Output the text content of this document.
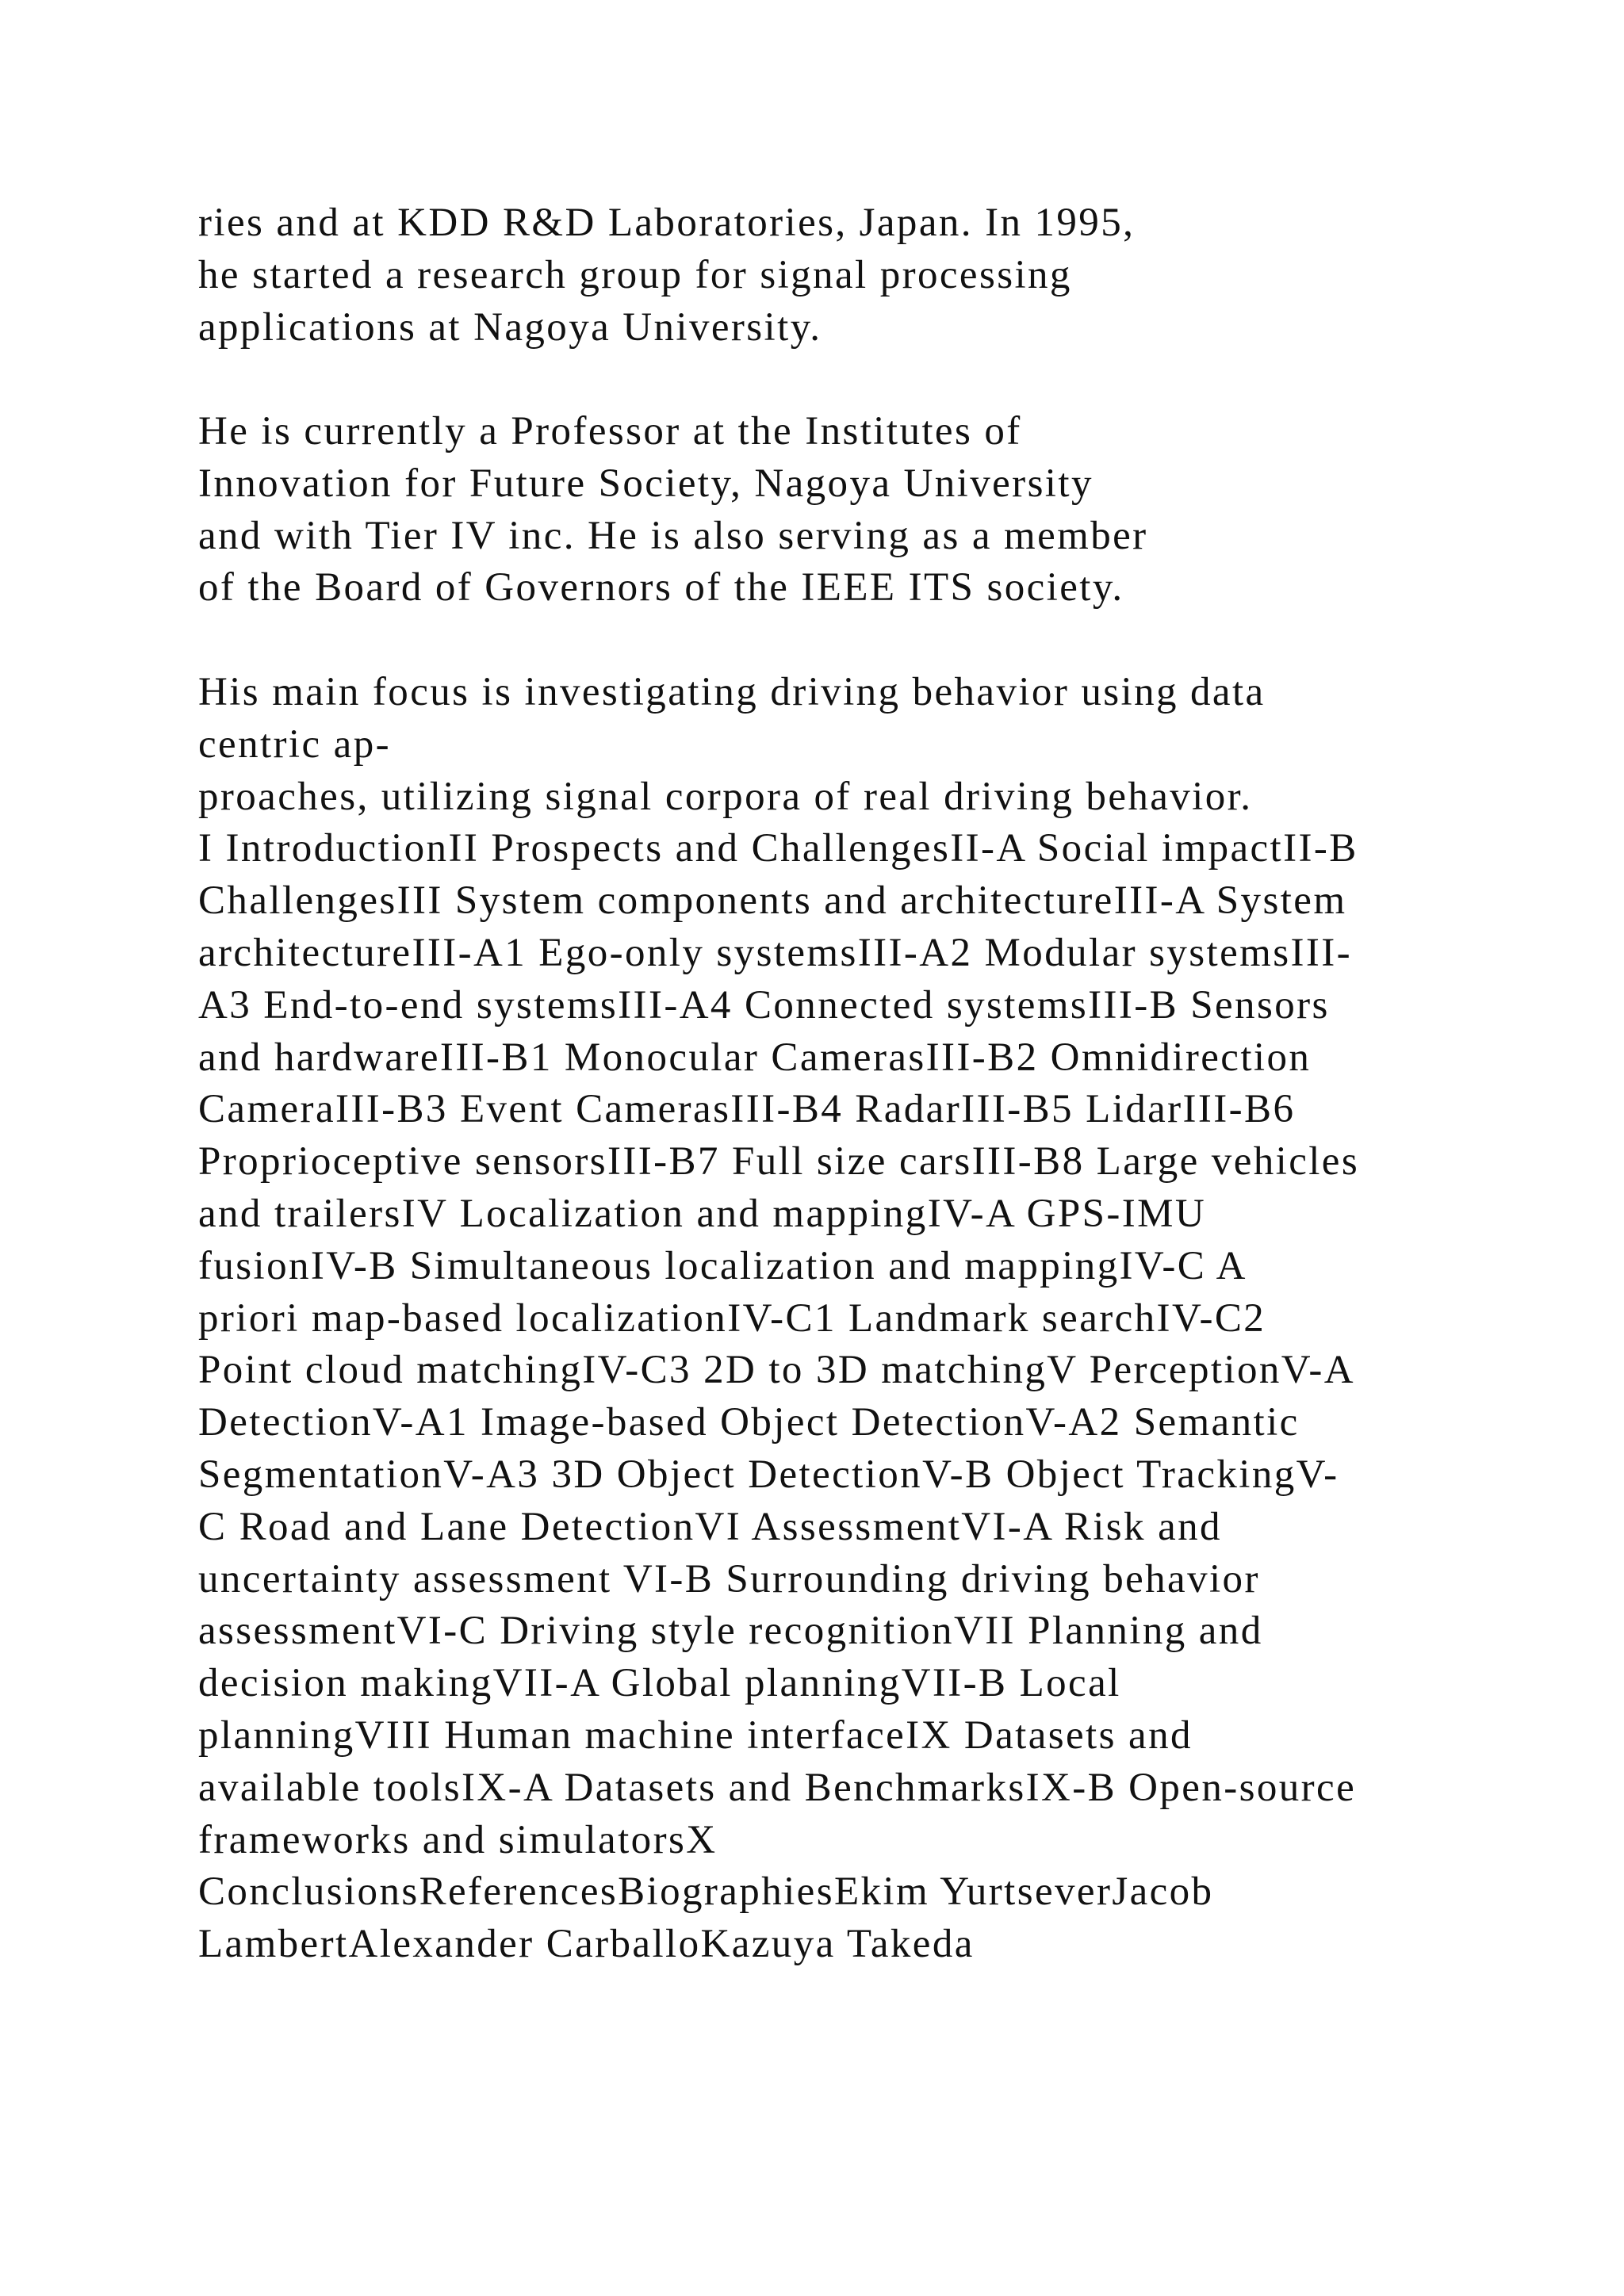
ries and at KDD R&D Laboratories, Japan. In 1995,
he started a research group for signal processing
applications at Nagoya University.

He is currently a Professor at the Institutes of
Innovation for Future Society, Nagoya University
and with Tier IV inc. He is also serving as a member
of the Board of Governors of the IEEE ITS society.

His main focus is investigating driving behavior using data
centric ap-
proaches, utilizing signal corpora of real driving behavior.
I IntroductionII Prospects and ChallengesII-A Social impactII-B
ChallengesIII System components and architectureIII-A System
architectureIII-A1 Ego-only systemsIII-A2 Modular systemsIII-
A3 End-to-end systemsIII-A4 Connected systemsIII-B Sensors
and hardwareIII-B1 Monocular CamerasIII-B2 Omnidirection
CameraIII-B3 Event CamerasIII-B4 RadarIII-B5 LidarIII-B6
Proprioceptive sensorsIII-B7 Full size carsIII-B8 Large vehicles
and trailersIV Localization and mappingIV-A GPS-IMU
fusionIV-B Simultaneous localization and mappingIV-C A
priori map-based localizationIV-C1 Landmark searchIV-C2
Point cloud matchingIV-C3 2D to 3D matchingV PerceptionV-A
DetectionV-A1 Image-based Object DetectionV-A2 Semantic
SegmentationV-A3 3D Object DetectionV-B Object TrackingV-
C Road and Lane DetectionVI AssessmentVI-A Risk and
uncertainty assessment VI-B Surrounding driving behavior
assessmentVI-C Driving style recognitionVII Planning and
decision makingVII-A Global planningVII-B Local
planningVIII Human machine interfaceIX Datasets and
available toolsIX-A Datasets and BenchmarksIX-B Open-source
frameworks and simulatorsX
ConclusionsReferencesBiographiesEkim YurtseverJacob
LambertAlexander CarballoKazuya Takeda
